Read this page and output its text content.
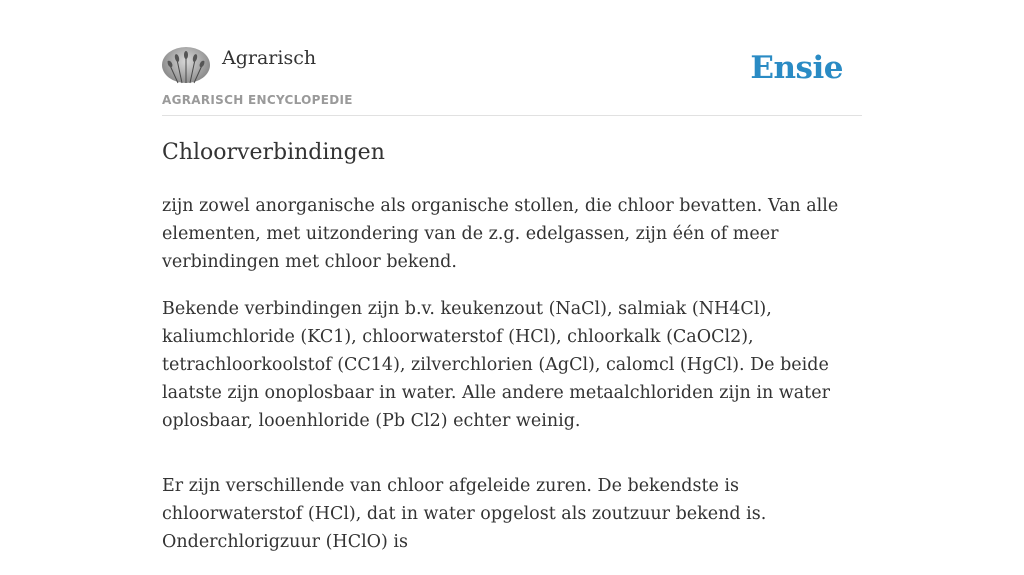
Agrarisch
AGRARISCH ENCYCLOPEDIE
Ensie
Chloorverbindingen

zijn zowel anorganische als organische stollen, die chloor bevatten. Van alle elementen, met uitzondering van de z.g. edelgassen, zijn één of meer verbindingen met chloor bekend.

Bekende verbindingen zijn b.v. keukenzout (NaCl), salmiak (NH4Cl), kaliumchloride (KC1), chloorwaterstof (HCl), chloorkalk (CaOCl2), tetrachloorkoolstof (CC14), zilverchlorien (AgCl), calomcl (HgCl). De beide laatste zijn onoplosbaar in water. Alle andere metaalchloriden zijn in water oplosbaar, looenhloride (Pb Cl2) echter weinig.

Er zijn verschillende van chloor afgeleide zuren. De bekendste is chloorwaterstof (HCl), dat in water opgelost als zoutzuur bekend is. Onderchlorigzuur (HClO) is
